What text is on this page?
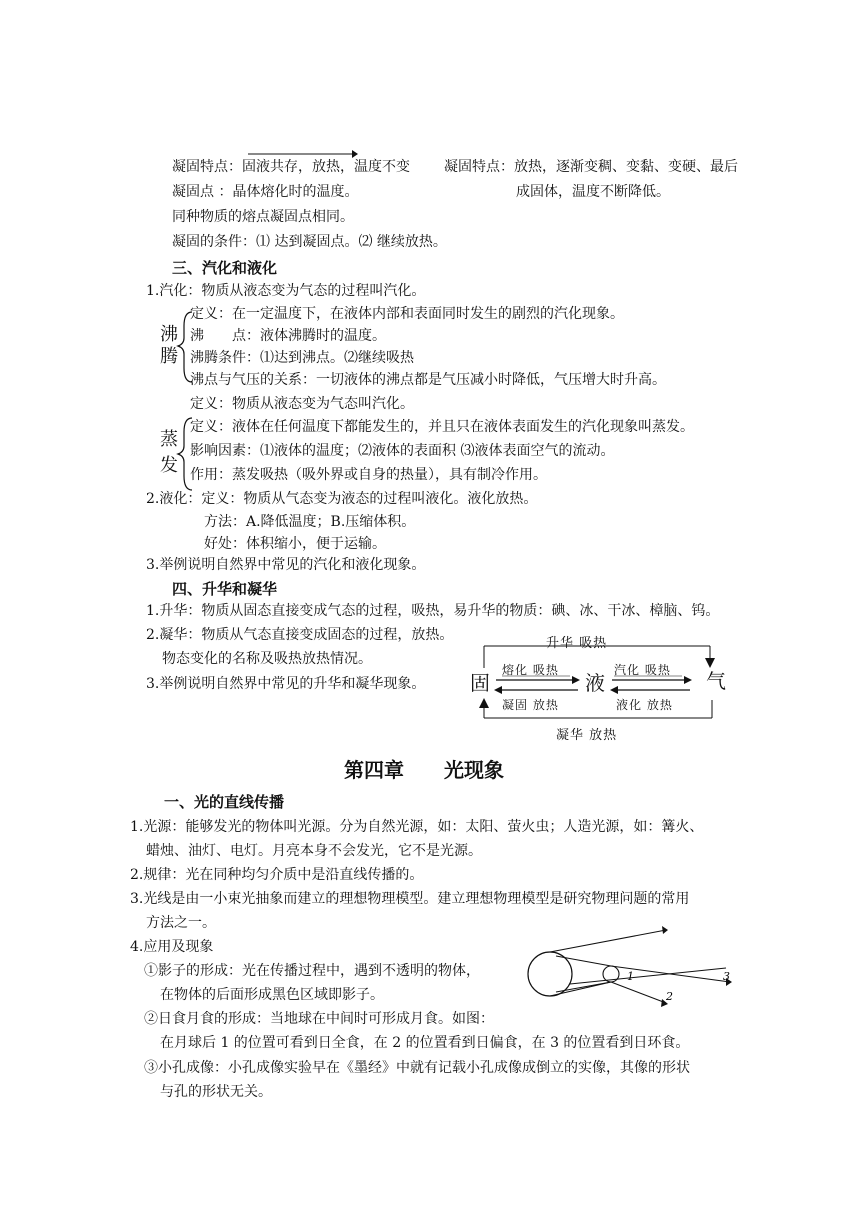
凝固特点：固液共存，放热，温度不变
凝固点 ：晶体熔化时的温度。
同种物质的熔点凝固点相同。
凝固的条件：⑴ 达到凝固点。⑵ 继续放热。
凝固特点：放热，逐渐变稠、变黏、变硬、最后
成固体，温度不断降低。
三、汽化和液化
1.汽化：物质从液态变为气态的过程叫汽化。
沸
腾
定义：在一定温度下，在液体内部和表面同时发生的剧烈的汽化现象。
沸　　点：液体沸腾时的温度。
沸腾条件：⑴达到沸点。⑵继续吸热
沸点与气压的关系：一切液体的沸点都是气压减小时降低，气压增大时升高。
定义：物质从液态变为气态叫汽化。
蒸
发
定义：液体在任何温度下都能发生的，并且只在液体表面发生的汽化现象叫蒸发。
影响因素：⑴液体的温度；⑵液体的表面积 ⑶液体表面空气的流动。
作用：蒸发吸热（吸外界或自身的热量），具有制冷作用。
2.液化：定义：物质从气态变为液态的过程叫液化。液化放热。
方法：A.降低温度；B.压缩体积。
好处：体积缩小，便于运输。
3.举例说明自然界中常见的汽化和液化现象。
四、升华和凝华
1.升华：物质从固态直接变成气态的过程，吸热，易升华的物质：碘、冰、干冰、樟脑、钨。
2.凝华：物质从气态直接变成固态的过程，放热。
物态变化的名称及吸热放热情况。
3.举例说明自然界中常见的升华和凝华现象。 固	液	气
升华 吸热
凝华 放热
熔化 吸热
凝固 放热
汽化 吸热
液化 放热
第四章　　光现象
一、光的直线传播
1.光源：能够发光的物体叫光源。分为自然光源，如：太阳、萤火虫；人造光源，如：篝火、
蜡烛、油灯、电灯。月亮本身不会发光，它不是光源。
2.规律：光在同种均匀介质中是沿直线传播的。
3.光线是由一小束光抽象而建立的理想物理模型。建立理想物理模型是研究物理问题的常用
方法之一。
4.应用及现象
①影子的形成：光在传播过程中，遇到不透明的物体，
在物体的后面形成黑色区域即影子。
②日食月食的形成：当地球在中间时可形成月食。如图：
在月球后 1 的位置可看到日全食，在 2 的位置看到日偏食，在 3 的位置看到日环食。
③小孔成像：小孔成像实验早在《墨经》中就有记载小孔成像成倒立的实像，其像的形状
与孔的形状无关。
1
2
3
